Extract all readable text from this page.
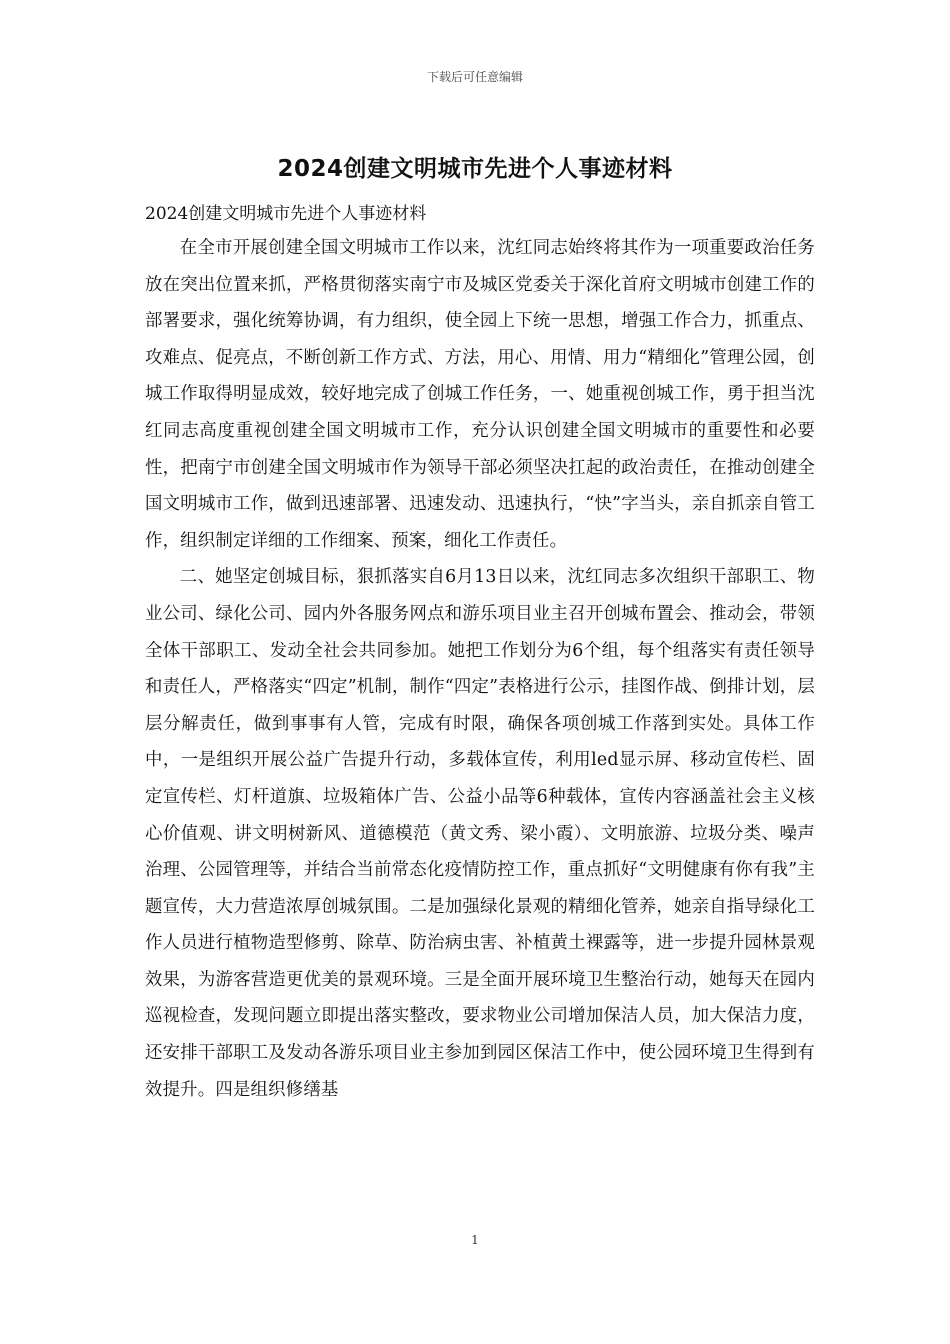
下载后可任意编辑
2024创建文明城市先进个人事迹材料
2024创建文明城市先进个人事迹材料

在全市开展创建全国文明城市工作以来，沈红同志始终将其作为一项重要政治任务放在突出位置来抓，严格贯彻落实南宁市及城区党委关于深化首府文明城市创建工作的部署要求，强化统筹协调，有力组织，使全园上下统一思想，增强工作合力，抓重点、攻难点、促亮点，不断创新工作方式、方法，用心、用情、用力“精细化”管理公园，创城工作取得明显成效，较好地完成了创城工作任务，一、她重视创城工作，勇于担当沈红同志高度重视创建全国文明城市工作，充分认识创建全国文明城市的重要性和必要性，把南宁市创建全国文明城市作为领导干部必须坚决扛起的政治责任，在推动创建全国文明城市工作，做到迅速部署、迅速发动、迅速执行，“快”字当头，亲自抓亲自管工作，组织制定详细的工作细案、预案，细化工作责任。

二、她坚定创城目标，狠抓落实自6月13日以来，沈红同志多次组织干部职工、物业公司、绿化公司、园内外各服务网点和游乐项目业主召开创城布置会、推动会，带领全体干部职工、发动全社会共同参加。她把工作划分为6个组，每个组落实有责任领导和责任人，严格落实“四定”机制，制作“四定”表格进行公示，挂图作战、倒排计划，层层分解责任，做到事事有人管，完成有时限，确保各项创城工作落到实处。具体工作中，一是组织开展公益广告提升行动，多载体宣传，利用led显示屏、移动宣传栏、固定宣传栏、灯杆道旗、垃圾箱体广告、公益小品等6种载体，宣传内容涵盖社会主义核心价值观、讲文明树新风、道德模范（黄文秀、梁小霞）、文明旅游、垃圾分类、噪声治理、公园管理等，并结合当前常态化疫情防控工作，重点抓好“文明健康有你有我”主题宣传，大力营造浓厚创城氛围。二是加强绿化景观的精细化管养，她亲自指导绿化工作人员进行植物造型修剪、除草、防治病虫害、补植黄土裸露等，进一步提升园林景观效果，为游客营造更优美的景观环境。三是全面开展环境卫生整治行动，她每天在园内巡视检查，发现问题立即提出落实整改，要求物业公司增加保洁人员，加大保洁力度，还安排干部职工及发动各游乐项目业主参加到园区保洁工作中，使公园环境卫生得到有效提升。四是组织修缮基

1
